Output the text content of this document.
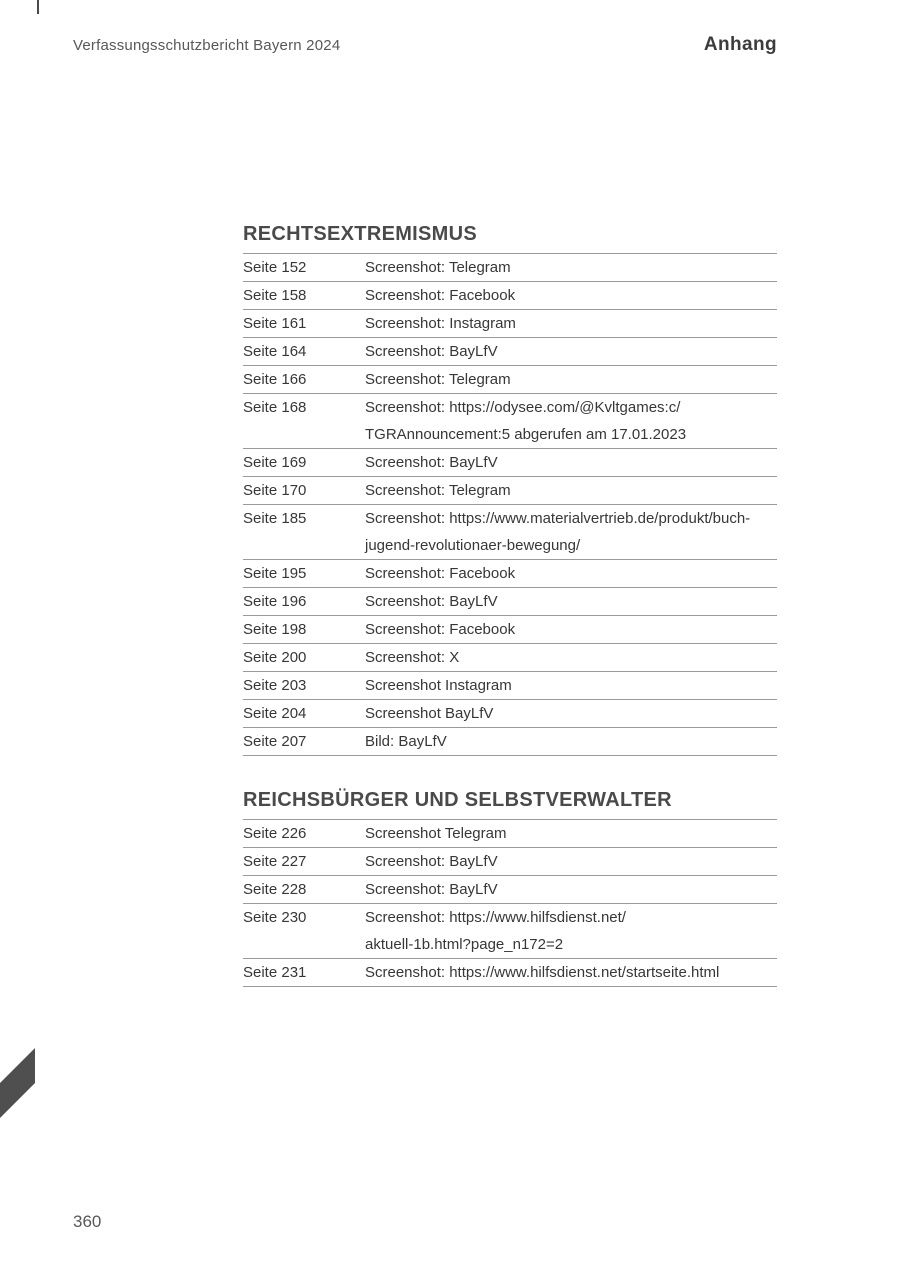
Verfassungsschutzbericht Bayern 2024	Anhang
RECHTSEXTREMISMUS
Seite 152	Screenshot: Telegram
Seite 158	Screenshot: Facebook
Seite 161	Screenshot: Instagram
Seite 164	Screenshot: BayLfV
Seite 166	Screenshot: Telegram
Seite 168	Screenshot: https://odysee.com/@Kvltgames:c/
TGRAnnouncement:5 abgerufen am 17.01.2023
Seite 169	Screenshot: BayLfV
Seite 170	Screenshot: Telegram
Seite 185	Screenshot: https://www.materialvertrieb.de/produkt/buch-
jugend-revolutionaer-bewegung/
Seite 195	Screenshot: Facebook
Seite 196	Screenshot: BayLfV
Seite 198	Screenshot: Facebook
Seite 200	Screenshot: X
Seite 203	Screenshot Instagram
Seite 204	Screenshot BayLfV
Seite 207	Bild: BayLfV
REICHSBÜRGER UND SELBSTVERWALTER
Seite 226	Screenshot Telegram
Seite 227	Screenshot: BayLfV
Seite 228	Screenshot: BayLfV
Seite 230	Screenshot: https://www.hilfsdienst.net/
aktuell-1b.html?page_n172=2
Seite 231	Screenshot: https://www.hilfsdienst.net/startseite.html
360
